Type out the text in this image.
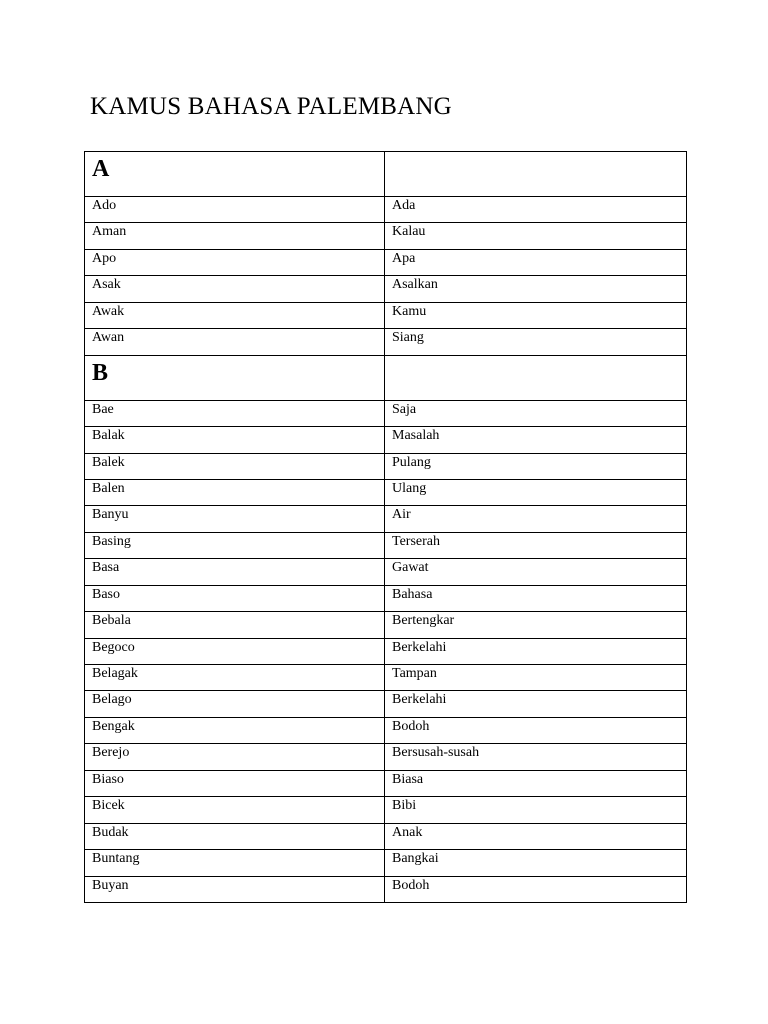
KAMUS BAHASA PALEMBANG
A	
Ado	Ada
Aman	Kalau
Apo	Apa
Asak	Asalkan
Awak	Kamu
Awan	Siang
B	
Bae	Saja
Balak	Masalah
Balek	Pulang
Balen	Ulang
Banyu	Air
Basing	Terserah
Basa	Gawat
Baso	Bahasa
Bebala	Bertengkar
Begoco	Berkelahi
Belagak	Tampan
Belago	Berkelahi
Bengak	Bodoh
Berejo	Bersusah-susah
Biaso	Biasa
Bicek	Bibi
Budak	Anak
Buntang	Bangkai
Buyan	Bodoh
